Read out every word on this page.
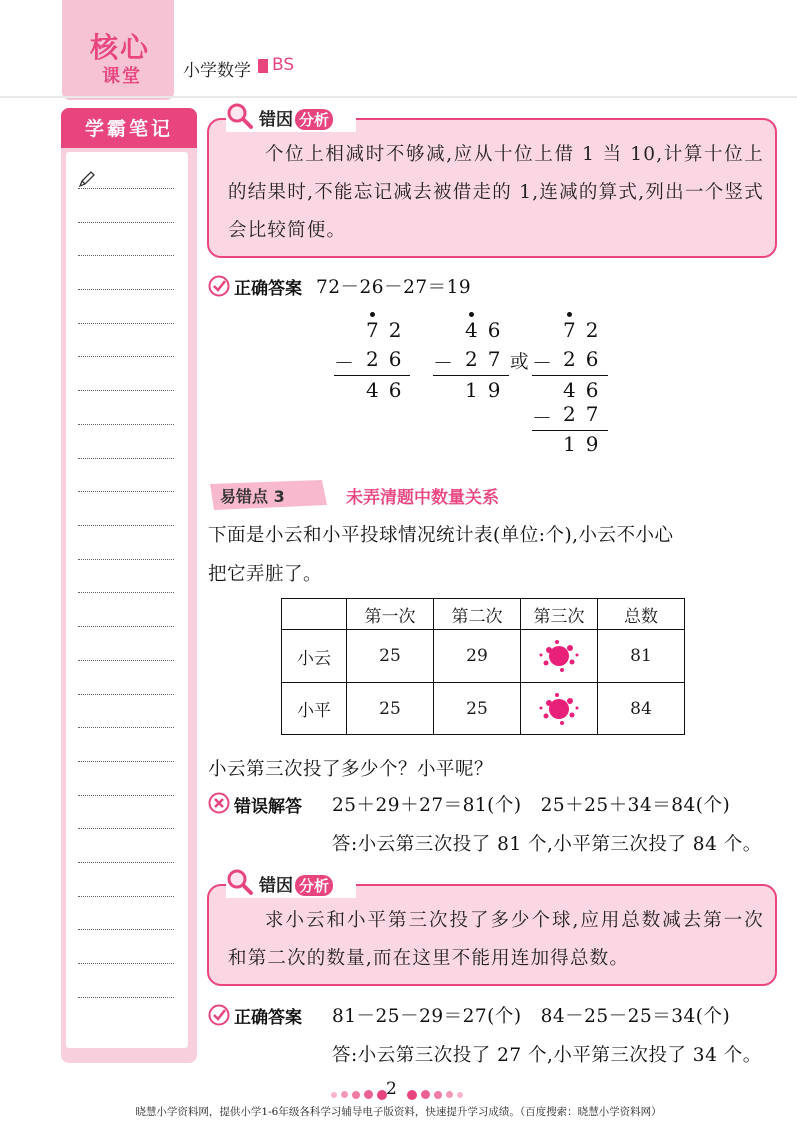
核心
课堂	小学数学 BS
学霸笔记	错因 分析
个位上相减时不够减,应从十位上借 1 当 10,计算十位上的结果时,不能忘记减去被借走的 1,连减的算式,列出一个竖式会比较简便。
正确答案 72－26－27＝19
72
－ 26
46
46
－ 27
19
或
72
－ 26
46
－ 27
19
易错点 3	未弄清题中数量关系
下面是小云和小平投球情况统计表(单位:个),小云不小心
把它弄脏了。
	第一次	第二次	第三次	总数
小云	25	29		81
小平	25	25		84
小云第三次投了多少个？小平呢？
错误解答 25＋29＋27＝81(个)　25＋25＋34＝84(个)
答:小云第三次投了 81 个,小平第三次投了 84 个。
错因 分析
求小云和小平第三次投了多少个球,应用总数减去第一次和第二次的数量,而在这里不能用连加得总数。
正确答案 81－25－29＝27(个)　84－25－25＝34(个)
答:小云第三次投了 27 个,小平第三次投了 34 个。
2
晓慧小学资料网，提供小学1-6年级各科学习辅导电子版资料，快速提升学习成绩。（百度搜索：晓慧小学资料网）
